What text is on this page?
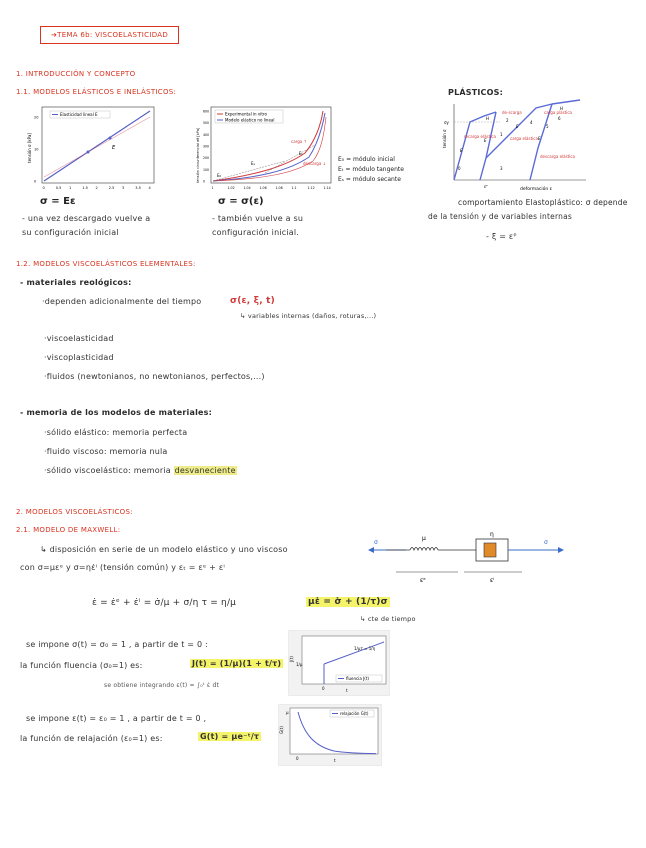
➔TEMA 6b: VISCOELASTICIDAD
1. INTRODUCCIÓN Y CONCEPTO
1.1. MODELOS ELÁSTICOS E INELÁSTICOS:	PLÁSTICOS:
E
Elasticidad lineal E
tensión σ [kPa]
0	0.5 1	1.5 2	2.5 3	3.5 4
0
10
20
σ = Eε
- una vez descargado vuelve a
su configuración inicial
Experimental in vitro
Modelo elástico no lineal
carga ↑
descarga ↓
Eₛ
Eₜ
E₀
tensión circunferencial σθ [kPa]
1	1.02	1.04	1.06	1.08	1.1	1.12	1.14
0
100
200
300
400
500
600
E₀ = módulo inicial
Eₜ = módulo tangente
Eₛ = módulo secante
σ = σ(ε)
- también vuelve a su
configuración inicial.
tensión σ
deformación ε
σy
εᴾ
de-scarga
recarga elástica
carga plástica
carga elástica
descarga elástica
0
1
2
3
4
5
6
E
E
E
E
H
H
comportamiento Elastoplástico: σ depende
de la tensión y de variables internas
- ξ = εᴾ
1.2. MODELOS VISCOELÁSTICOS ELEMENTALES:
- materiales reológicos:
·dependen adicionalmente del tiempo	σ(ε, ξ, t)
↳ variables internas (daños, roturas,...)
·viscoelasticidad
·viscoplasticidad
·fluidos (newtonianos, no newtonianos, perfectos,...)
- memoria de los modelos de materiales:
·sólido elástico: memoria perfecta
·fluido viscoso: memoria nula
·sólido viscoelástico: memoria desvaneciente
2. MODELOS VISCOELÁSTICOS:
2.1. MODELO DE MAXWELL:
↳ disposición en serie de un modelo elástico y uno viscoso
con σ=μεᵉ y σ=ηε̇ⁱ (tensión común) y εₜ = εᵉ + εⁱ
σ
μ
η
σ
εᵉ	εⁱ
ε̇ = ε̇ᵉ + ε̇ⁱ = σ̇/μ + σ/η τ = η/μ	με̇ = σ̇ + (1/τ)σ
↳ cte de tiempo
se impone σ(t) = σ₀ = 1 , a partir de t = 0 :
la función fluencia (σ₀=1) es:	J(t) = (1/μ)(1 + t/τ)
se obtiene integrando ε(t) = ∫₀ᵗ ε̇ dt
1/μτ = 1/η
fluencia J(t)
J(t)
1/μ
0	t
se impone ε(t) = ε₀ = 1 , a partir de t = 0 ,
la función de relajación (ε₀=1) es:	G(t) = μe⁻ᵗ/τ
relajación G(t)
G(t)
μ
0	t
